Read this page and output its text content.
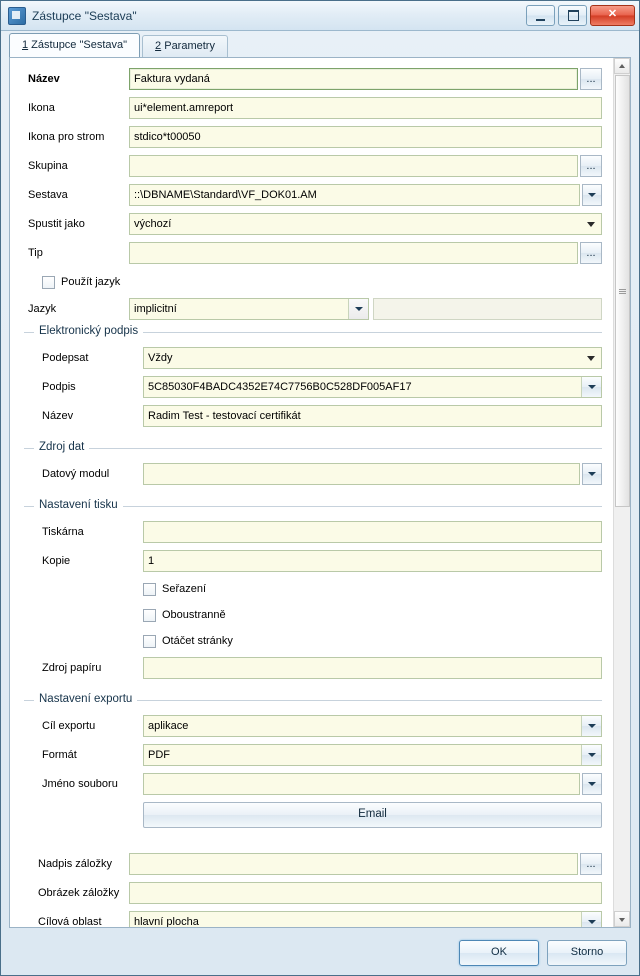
Zástupce "Sestava"	✕
1 Zástupce "Sestava"	2 Parametry
Název	Faktura vydaná	...
Ikona	ui*element.amreport
Ikona pro strom	stdico*t00050
Skupina	...
Sestava	::\DBNAME\Standard\VF_DOK01.AM
Spustit jako	výchozí
Tip	...
Použít jazyk
Jazyk	implicitní
Elektronický podpis
Podepsat	Vždy
Podpis	5C85030F4BADC4352E74C7756B0C528DF005AF17
Název	Radim Test - testovací certifikát
Zdroj dat
Datový modul
Nastavení tisku
Tiskárna
Kopie	1
Seřazení
Oboustranně
Otáčet stránky
Zdroj papíru
Nastavení exportu
Cíl exportu	aplikace
Formát	PDF
Jméno souboru
Email
Nadpis záložky	...
Obrázek záložky
Cílová oblast	hlavní plocha
OK	Storno
